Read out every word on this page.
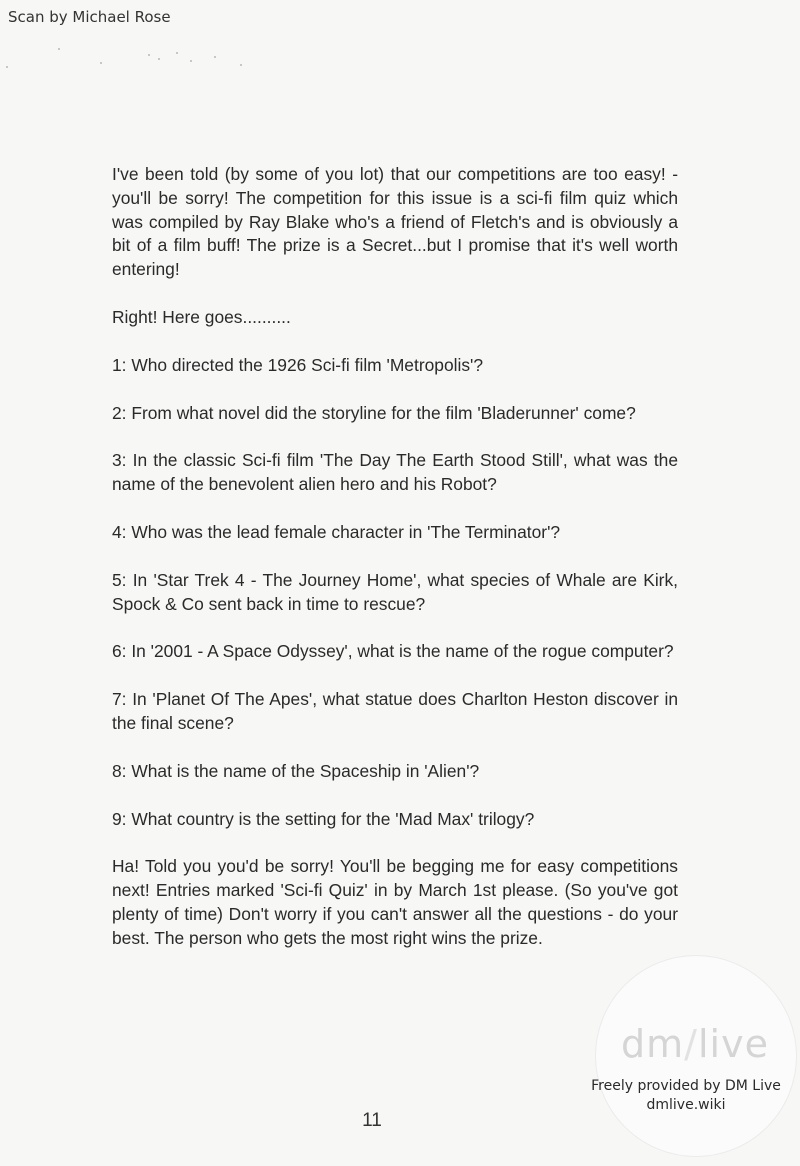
Scan by Michael Rose

I've been told (by some of you lot) that our competitions are too easy! - you'll be sorry! The competition for this issue is a sci-fi film quiz which was compiled by Ray Blake who's a friend of Fletch's and is obviously a bit of a film buff! The prize is a Secret...but I promise that it's well worth entering!

Right! Here goes..........

1: Who directed the 1926 Sci-fi film 'Metropolis'?

2: From what novel did the storyline for the film 'Bladerunner' come?

3: In the classic Sci-fi film 'The Day The Earth Stood Still', what was the name of the benevolent alien hero and his Robot?

4: Who was the lead female character in 'The Terminator'?

5: In 'Star Trek 4 - The Journey Home', what species of Whale are Kirk, Spock & Co sent back in time to rescue?

6: In '2001 - A Space Odyssey', what is the name of the rogue computer?

7: In 'Planet Of The Apes', what statue does Charlton Heston discover in the final scene?

8: What is the name of the Spaceship in 'Alien'?

9: What country is the setting for the 'Mad Max' trilogy?

Ha! Told you you'd be sorry! You'll be begging me for easy competitions next! Entries marked 'Sci-fi Quiz' in by March 1st please. (So you've got plenty of time) Don't worry if you can't answer all the questions - do your best. The person who gets the most right wins the prize.

11
dm/live
Freely provided by DM Live
dmlive.wiki
